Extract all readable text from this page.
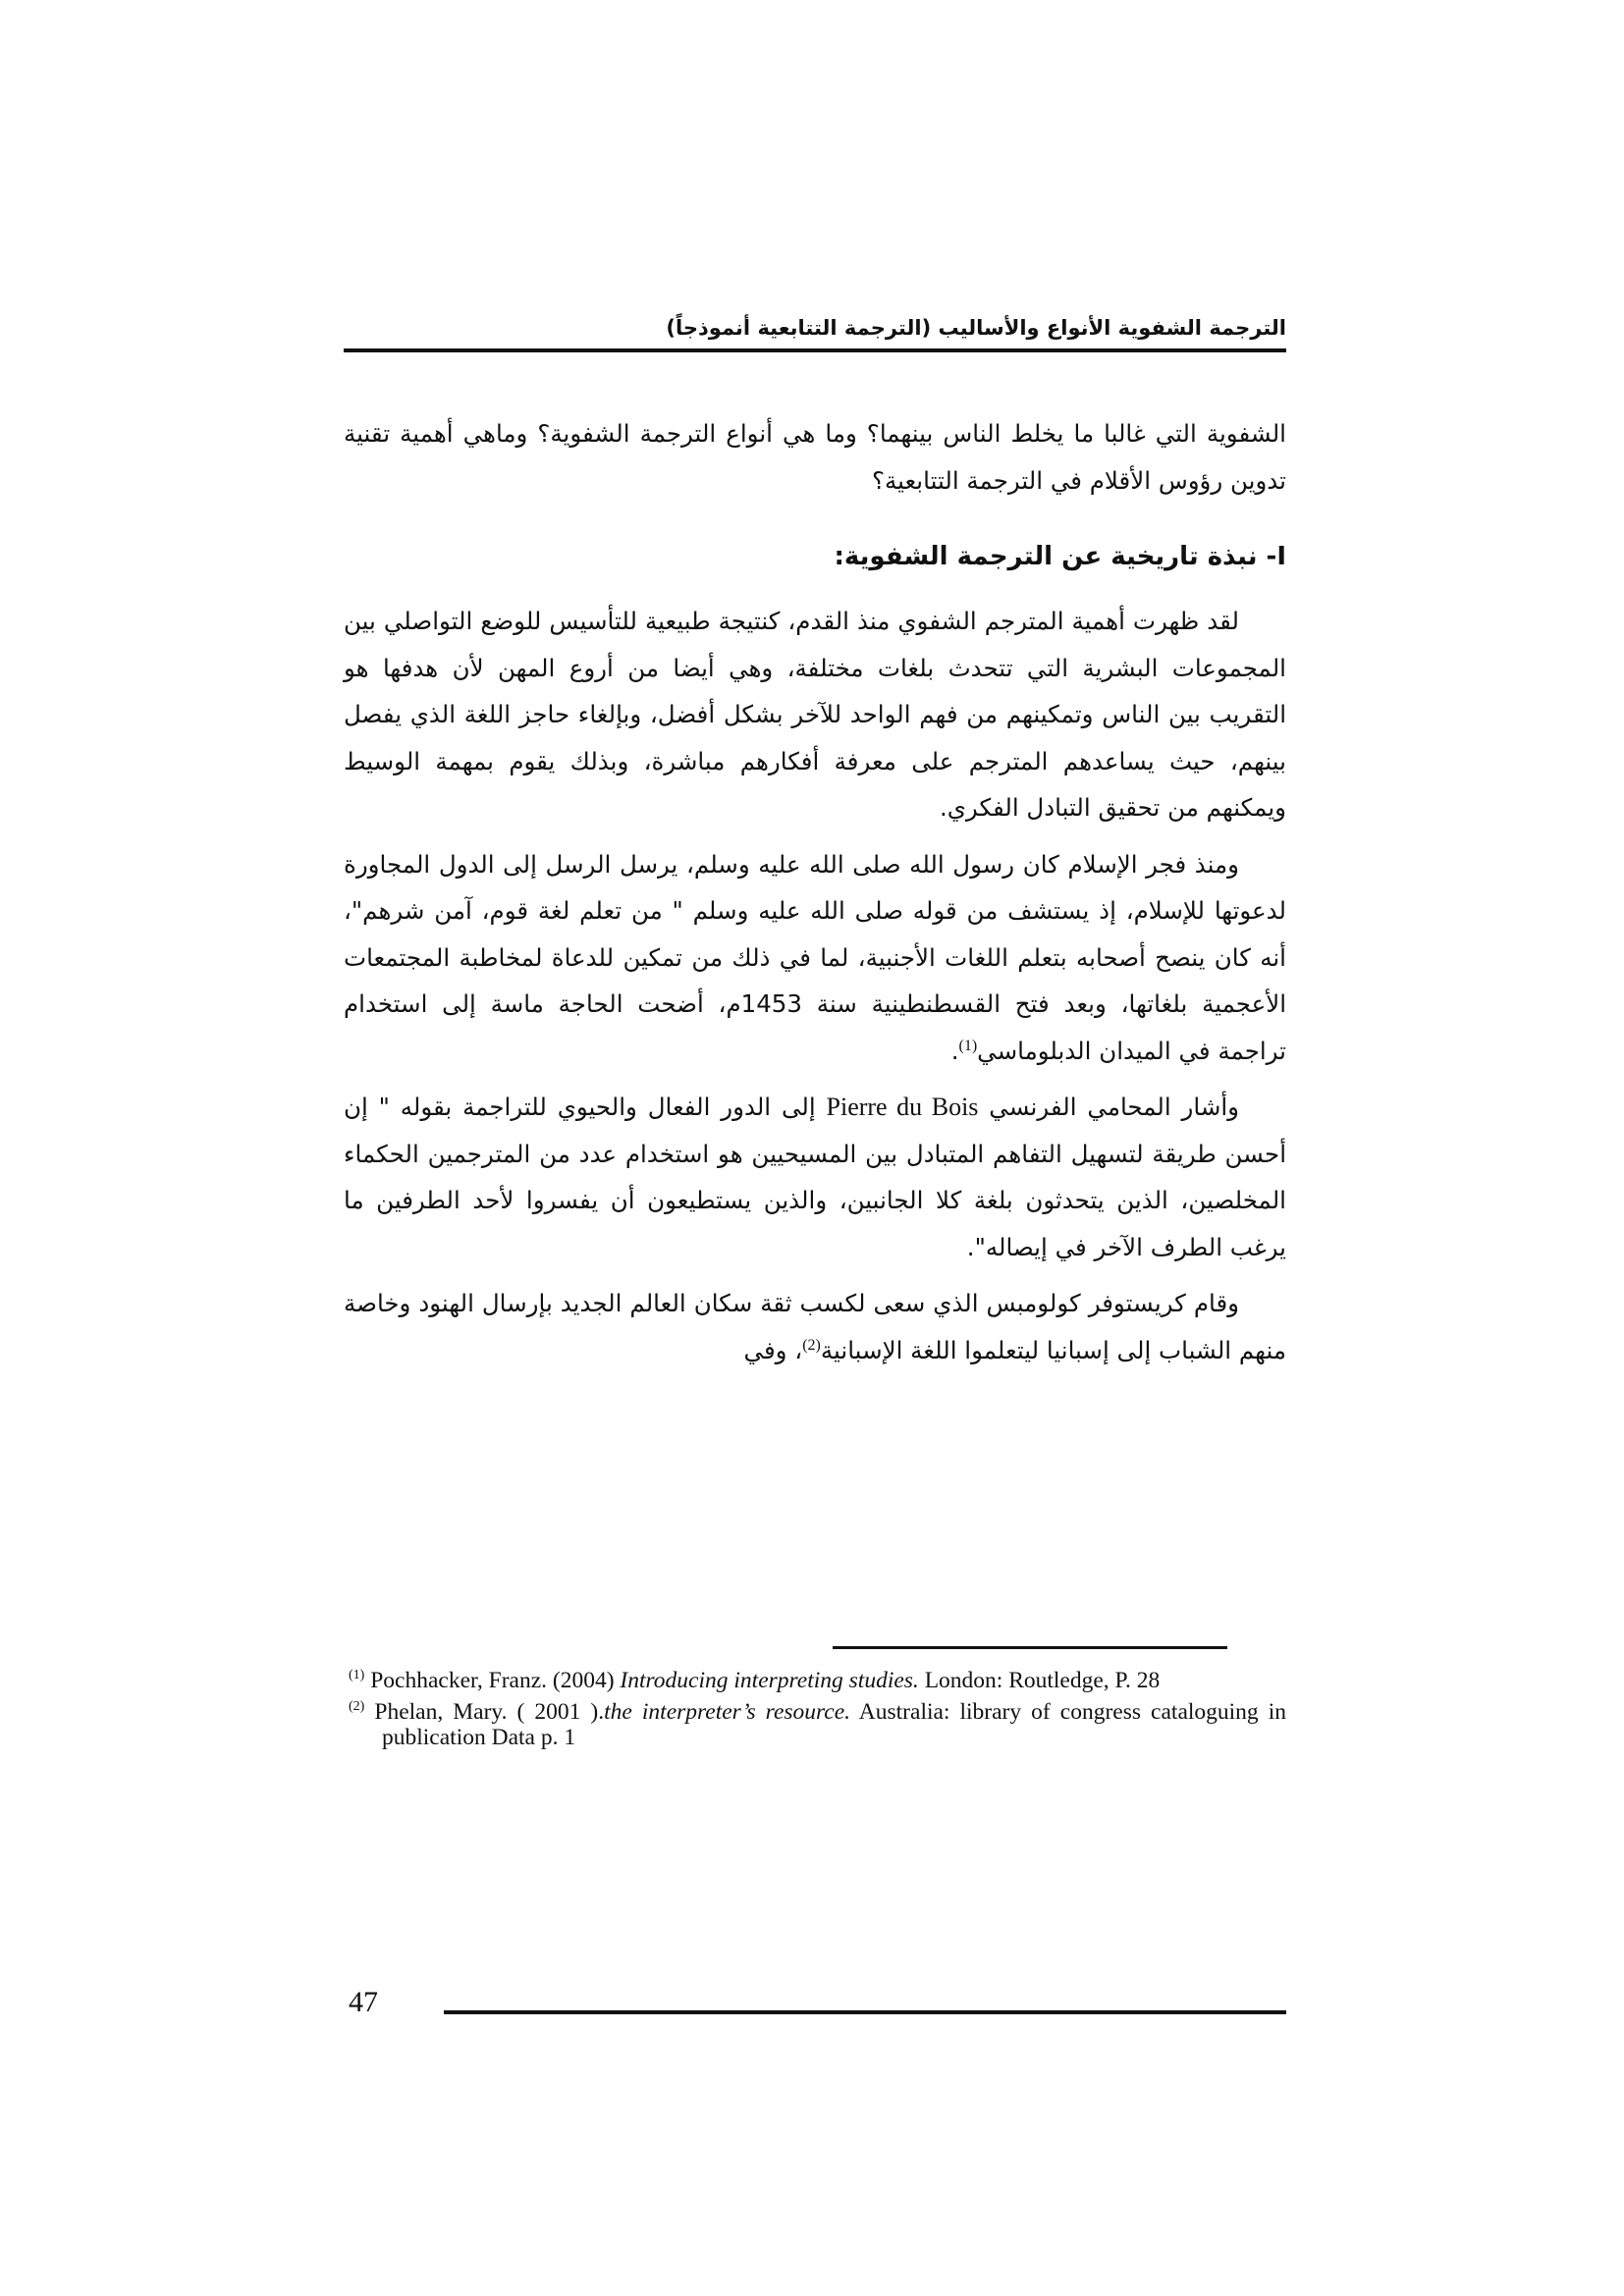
الترجمة الشفوية الأنواع والأساليب (الترجمة التتابعية أنموذجاً)

الشفوية التي غالبا ما يخلط الناس بينهما؟ وما هي أنواع الترجمة الشفوية؟ وماهي أهمية تقنية تدوين رؤوس الأقلام في الترجمة التتابعية؟

I- نبذة تاريخية عن الترجمة الشفوية:

لقد ظهرت أهمية المترجم الشفوي منذ القدم، كنتيجة طبيعية للتأسيس للوضع التواصلي بين المجموعات البشرية التي تتحدث بلغات مختلفة، وهي أيضا من أروع المهن لأن هدفها هو التقريب بين الناس وتمكينهم من فهم الواحد للآخر بشكل أفضل، وبإلغاء حاجز اللغة الذي يفصل بينهم، حيث يساعدهم المترجم على معرفة أفكارهم مباشرة، وبذلك يقوم بمهمة الوسيط ويمكنهم من تحقيق التبادل الفكري.

ومنذ فجر الإسلام كان رسول الله صلى الله عليه وسلم، يرسل الرسل إلى الدول المجاورة لدعوتها للإسلام، إذ يستشف من قوله صلى الله عليه وسلم " من تعلم لغة قوم، آمن شرهم"، أنه كان ينصح أصحابه بتعلم اللغات الأجنبية، لما في ذلك من تمكين للدعاة لمخاطبة المجتمعات الأعجمية بلغاتها، وبعد فتح القسطنطينية سنة 1453م، أضحت الحاجة ماسة إلى استخدام تراجمة في الميدان الدبلوماسي$^{(1)}$.

وأشار المحامي الفرنسي Pierre du Bois إلى الدور الفعال والحيوي للتراجمة بقوله " إن أحسن طريقة لتسهيل التفاهم المتبادل بين المسيحيين هو استخدام عدد من المترجمين الحكماء المخلصين، الذين يتحدثون بلغة كلا الجانبين، والذين يستطيعون أن يفسروا لأحد الطرفين ما يرغب الطرف الآخر في إيصاله".

وقام كريستوفر كولومبس الذي سعى لكسب ثقة سكان العالم الجديد بإرسال الهنود وخاصة منهم الشباب إلى إسبانيا ليتعلموا اللغة الإسبانية$^{(2)}$، وفي

$^{(1)}$ Pochhacker, Franz. (2004) Introducing interpreting studies. London: Routledge, P. 28
$^{(2)}$ Phelan, Mary. ( 2001 ).the interpreter’s resource. Australia: library of congress cataloguing in publication Data p. 1
47
